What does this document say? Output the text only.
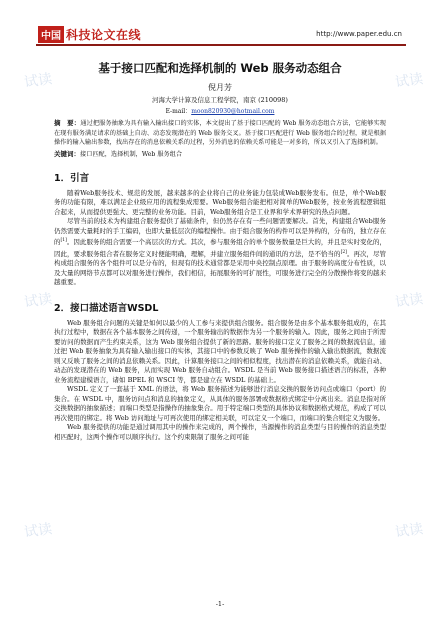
中国 科技论文在线	http://www.paper.edu.cn
试读	试读
试读	试读
试读	试读
基于接口匹配和选择机制的 Web 服务动态组合
倪月芳
河海大学计算及信息工程学院，南京 (210098)
E-mail：moon820930@hotmail.com

摘　要：通过把服务抽象为具有输入输出接口的实体，本文提出了基于接口匹配的 Web 服务动态组合方法，它能够实现在现有服务满足请求的基础上自动、动态发现潜在的 Web 服务交叉。基于接口匹配进行 Web 服务组合的过程，就是根据操作的输入输出参数，找出存在的消息依赖关系的过程，另外消息的依赖关系可能是一对多的，所以又引入了选择机制。

关键词：接口匹配，选择机制，Web 服务组合

1．引言

随着Web服务技术、规范的发展，越来越多的企业将自己的业务能力包装成Web服务发布。但是，单个Web服务的功能有限，难以满足企业级应用的流程集成需要。Web服务组合能把相对简单的Web服务，按业务流程逻辑组合起来，从而提供更强大、更完整的业务功能。目前，Web服务组合是工业界和学术界研究的热点问题。

尽管当前的技术为构建组合服务提供了基础条件，但仍然存在有一些问题需要解决。首先，构建组合Web服务仍然需要大量耗时的手工编码，也即大量低层次的编程操作。由于组合服务的构件可以是异构的，分布的，独立存在的[1]。因此服务的组合需要一个高层次的方式。其次，参与服务组合的单个服务数量是巨大的，并且是实时变化的，因此，要求服务组合者在服务定义时便能明确，理解，并建立服务组件间的通讯的方法，是不恰当的[2]。再次，尽管构成组合服务的各个组件可以是分布的，但现有的技术通常都是采用中央控制点原理。由于服务的高度分布性质，以及大量的网络节点都可以对服务进行操作，我们相信，拓展服务的可扩展性，可服务进行完全的分散操作将变的越来越重要。

2．接口描述语言WSDL

Web 服务组合问题的关键是如何以最少的人工参与来提供组合服务。组合服务是由多个基本服务组成的，在其执行过程中，数据在各个基本服务之间传递，一个服务输出的数据作为另一个服务的输入。因此，服务之间由于所需要访问的数据而产生约束关系，这为 Web 服务组合提供了新的思路。服务的接口定义了服务之间的数据流信息，通过把 Web 服务抽象为具有输入输出接口的实体，其接口中的参数反映了 Web 服务操作的输入输出数据流，数据流则又反映了服务之间的消息依赖关系。因此，计算服务接口之间的相似程度，找出潜在的消息依赖关系，就能自动、动态的发现潜在的 Web 服务，从而实现 Web 服务自动组合。WSDL 是当前 Web 服务接口描述语言的标准，各种业务流程建模语言，诸如 BPEL 和 WSCI 等，都是建立在 WSDL 的基础上。

WSDL 定义了一套基于 XML 的语法，将 Web 服务描述为能够进行消息交换的服务访问点或端口（port）的集合。在 WSDL 中，服务访问点和消息的抽象定义，从具体的服务部署或数据格式绑定中分离出来。消息是指对所交换数据的抽象描述；而端口类型是指操作的抽象集合。用于特定端口类型的具体协议和数据格式规范，构成了可以再次使用的绑定。将 Web 访问地址与可再次使用的绑定相关联，可以定义一个端口，而端口的集合则定义为服务。

Web 服务提供的功能是通过调用其中的操作来完成的，两个操作，当源操作的消息类型与目的操作的消息类型相匹配时，这两个操作可以顺序执行。这个约束限制了服务之间可能

-1-
